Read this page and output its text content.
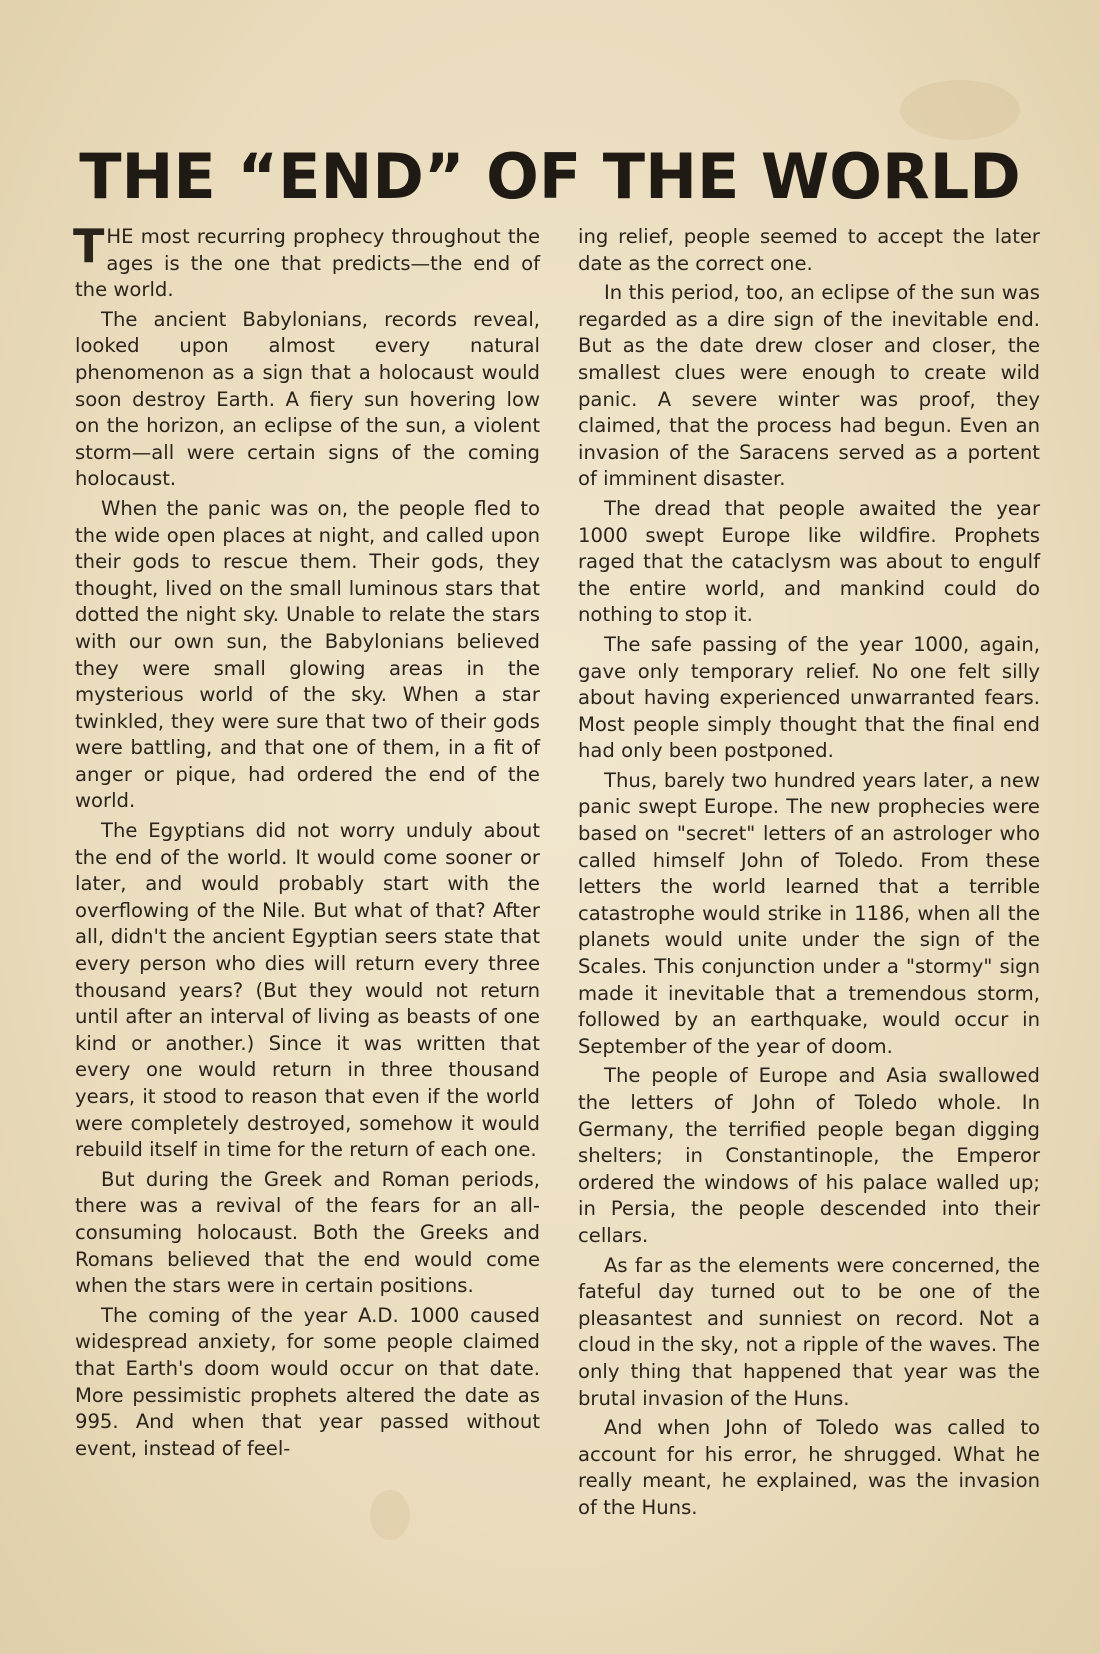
THE “END” OF THE WORLD

THE most recurring prophecy throughout the ages is the one that predicts—the end of the world.

The ancient Babylonians, records reveal, looked upon almost every natural phenomenon as a sign that a holocaust would soon destroy Earth. A fiery sun hovering low on the horizon, an eclipse of the sun, a violent storm—all were certain signs of the coming holocaust.

When the panic was on, the people fled to the wide open places at night, and called upon their gods to rescue them. Their gods, they thought, lived on the small luminous stars that dotted the night sky. Unable to relate the stars with our own sun, the Babylonians believed they were small glowing areas in the mysterious world of the sky. When a star twinkled, they were sure that two of their gods were battling, and that one of them, in a fit of anger or pique, had ordered the end of the world.

The Egyptians did not worry unduly about the end of the world. It would come sooner or later, and would probably start with the overflowing of the Nile. But what of that? After all, didn't the ancient Egyptian seers state that every person who dies will return every three thousand years? (But they would not return until after an interval of living as beasts of one kind or another.) Since it was written that every one would return in three thousand years, it stood to reason that even if the world were completely destroyed, somehow it would rebuild itself in time for the return of each one.

But during the Greek and Roman periods, there was a revival of the fears for an all-consuming holocaust. Both the Greeks and Romans believed that the end would come when the stars were in certain positions.

The coming of the year A.D. 1000 caused widespread anxiety, for some people claimed that Earth's doom would occur on that date. More pessimistic prophets altered the date as 995. And when that year passed without event, instead of feel-

ing relief, people seemed to accept the later date as the correct one.

In this period, too, an eclipse of the sun was regarded as a dire sign of the inevitable end. But as the date drew closer and closer, the smallest clues were enough to create wild panic. A severe winter was proof, they claimed, that the process had begun. Even an invasion of the Saracens served as a portent of imminent disaster.

The dread that people awaited the year 1000 swept Europe like wildfire. Prophets raged that the cataclysm was about to engulf the entire world, and mankind could do nothing to stop it.

The safe passing of the year 1000, again, gave only temporary relief. No one felt silly about having experienced unwarranted fears. Most people simply thought that the final end had only been postponed.

Thus, barely two hundred years later, a new panic swept Europe. The new prophecies were based on "secret" letters of an astrologer who called himself John of Toledo. From these letters the world learned that a terrible catastrophe would strike in 1186, when all the planets would unite under the sign of the Scales. This conjunction under a "stormy" sign made it inevitable that a tremendous storm, followed by an earthquake, would occur in September of the year of doom.

The people of Europe and Asia swallowed the letters of John of Toledo whole. In Germany, the terrified people began digging shelters; in Constantinople, the Emperor ordered the windows of his palace walled up; in Persia, the people descended into their cellars.

As far as the elements were concerned, the fateful day turned out to be one of the pleasantest and sunniest on record. Not a cloud in the sky, not a ripple of the waves. The only thing that happened that year was the brutal invasion of the Huns.

And when John of Toledo was called to account for his error, he shrugged. What he really meant, he explained, was the invasion of the Huns.
